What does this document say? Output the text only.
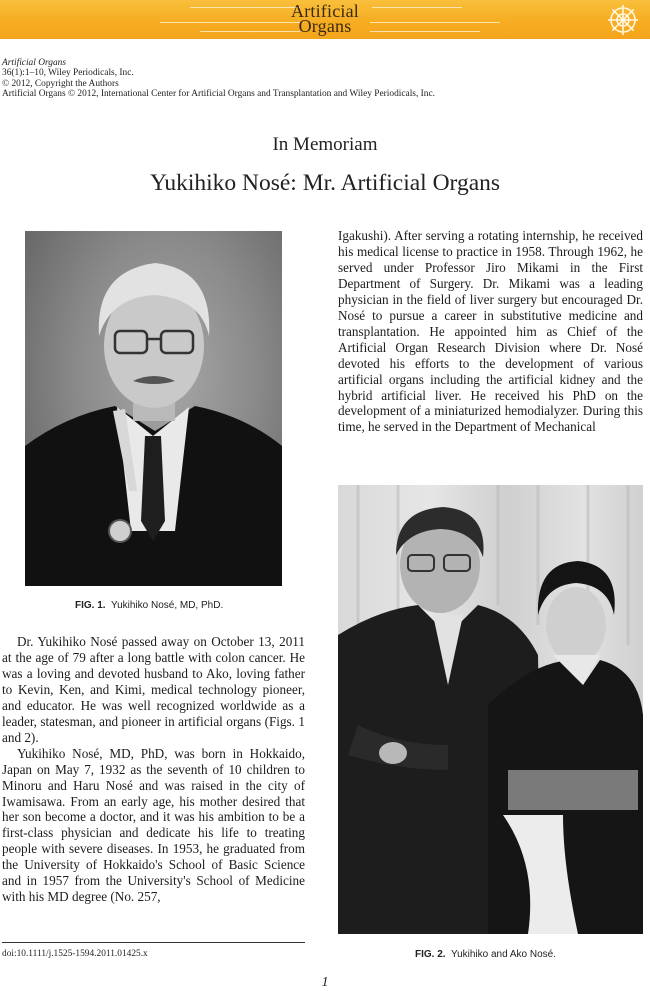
Artificial
Organs
Artificial Organs
36(1):1–10, Wiley Periodicals, Inc.
© 2012, Copyright the Authors
Artificial Organs © 2012, International Center for Artificial Organs and Transplantation and Wiley Periodicals, Inc.
In Memoriam
Yukihiko Nosé: Mr. Artificial Organs
FIG. 1. Yukihiko Nosé, MD, PhD.

Dr. Yukihiko Nosé passed away on October 13, 2011 at the age of 79 after a long battle with colon cancer. He was a loving and devoted husband to Ako, loving father to Kevin, Ken, and Kimi, medical technology pioneer, and educator. He was well recognized worldwide as a leader, statesman, and pioneer in artificial organs (Figs. 1 and 2).

Yukihiko Nosé, MD, PhD, was born in Hokkaido, Japan on May 7, 1932 as the seventh of 10 children to Minoru and Haru Nosé and was raised in the city of Iwamisawa. From an early age, his mother desired that her son become a doctor, and it was his ambition to be a first-class physician and dedicate his life to treating people with severe diseases. In 1953, he graduated from the University of Hokkaido's School of Basic Science and in 1957 from the University's School of Medicine with his MD degree (No. 257,

Igakushi). After serving a rotating internship, he received his medical license to practice in 1958. Through 1962, he served under Professor Jiro Mikami in the First Department of Surgery. Dr. Mikami was a leading physician in the field of liver surgery but encouraged Dr. Nosé to pursue a career in substitutive medicine and transplantation. He appointed him as Chief of the Artificial Organ Research Division where Dr. Nosé devoted his efforts to the development of various artificial organs including the artificial kidney and the hybrid artificial liver. He received his PhD on the development of a miniaturized hemodialyzer. During this time, he served in the Department of Mechanical

FIG. 2. Yukihiko and Ako Nosé.
doi:10.1111/j.1525-1594.2011.01425.x
1
